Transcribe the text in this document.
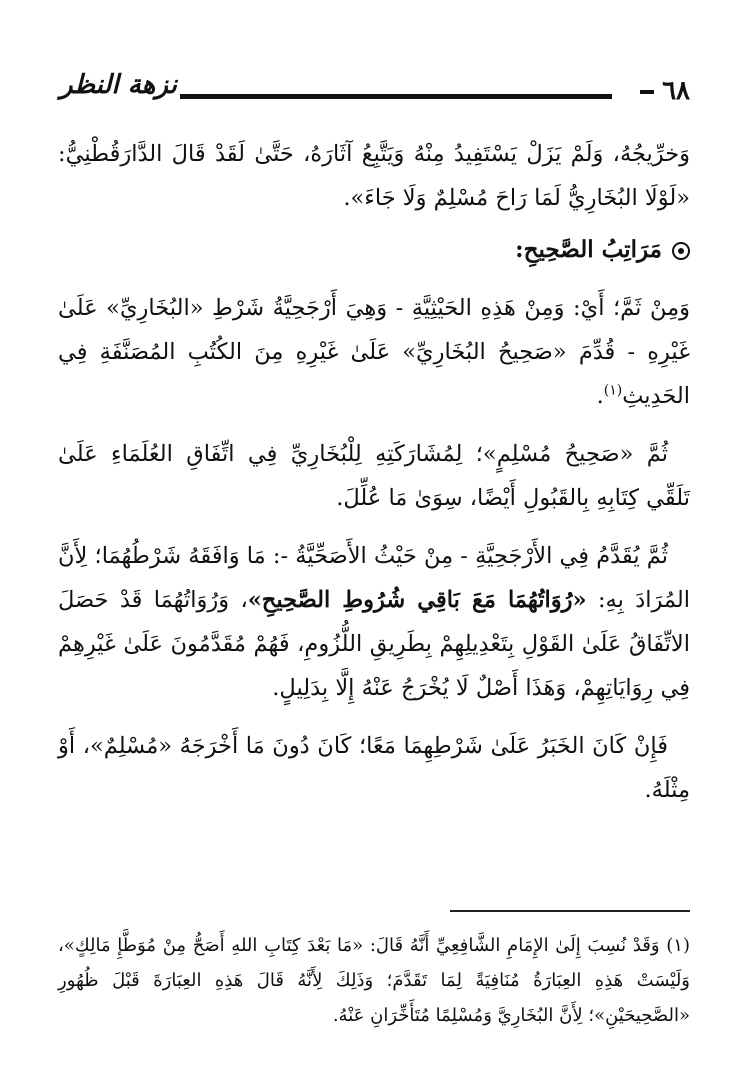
٦٨
نزهة النظر

وَخرِّيجُهُ، وَلَمْ يَزَلْ يَسْتَفِيدُ مِنْهُ وَيَتَّبِعُ آثَارَهُ، حَتَّىٰ لَقَدْ قَالَ الدَّارَقُطْنِيُّ: «لَوْلَا البُخَارِيُّ لَمَا رَاحَ مُسْلِمٌ وَلَا جَاءَ».

مَرَاتِبُ الصَّحِيحِ:

وَمِنْ ثَمَّ؛ أَيْ: وَمِنْ هَذِهِ الحَيْثِيَّةِ - وَهِيَ أَرْجَحِيَّةُ شَرْطِ «البُخَارِيِّ» عَلَىٰ غَيْرِهِ - قُدِّمَ «صَحِيحُ البُخَارِيِّ» عَلَىٰ غَيْرِهِ مِنَ الكُتُبِ المُصَنَّفَةِ فِي الحَدِيثِ$^{(١)}$.

ثُمَّ «صَحِيحُ مُسْلِمٍ»؛ لِمُشَارَكَتِهِ لِلْبُخَارِيِّ فِي اتِّفَاقِ العُلَمَاءِ عَلَىٰ تَلَقِّي كِتَابِهِ بِالقَبُولِ أَيْضًا، سِوَىٰ مَا عُلِّلَ.

ثُمَّ يُقَدَّمُ فِي الأَرْجَحِيَّةِ - مِنْ حَيْثُ الأَصَحِّيَّةُ -: مَا وَافَقَهُ شَرْطُهُمَا؛ لِأَنَّ المُرَادَ بِهِ: «رُوَاتُهُمَا مَعَ بَاقِي شُرُوطِ الصَّحِيحِ»، وَرُوَاتُهُمَا قَدْ حَصَلَ الاتِّفَاقُ عَلَىٰ القَوْلِ بِتَعْدِيلِهِمْ بِطَرِيقِ اللُّزُومِ، فَهُمْ مُقَدَّمُونَ عَلَىٰ غَيْرِهِمْ فِي رِوَايَاتِهِمْ، وَهَذَا أَصْلٌ لَا يُخْرَجُ عَنْهُ إِلَّا بِدَلِيلٍ.

فَإِنْ كَانَ الخَبَرُ عَلَىٰ شَرْطِهِمَا مَعًا؛ كَانَ دُونَ مَا أَخْرَجَهُ «مُسْلِمٌ»، أَوْ مِثْلَهُ.

(١) وَقَدْ نُسِبَ إِلَىٰ الإِمَامِ الشَّافِعِيِّ أَنَّهُ قَالَ: «مَا بَعْدَ كِتَابِ اللهِ أَصَحُّ مِنْ مُوَطَّإِ مَالِكٍ»، وَلَيْسَتْ هَذِهِ العِبَارَةُ مُنَافِيَةً لِمَا تَقَدَّمَ؛ وَذَلِكَ لِأَنَّهُ قَالَ هَذِهِ العِبَارَةَ قَبْلَ ظُهُورِ «الصَّحِيحَيْنِ»؛ لِأَنَّ البُخَارِيَّ وَمُسْلِمًا مُتَأَخِّرَانِ عَنْهُ.
